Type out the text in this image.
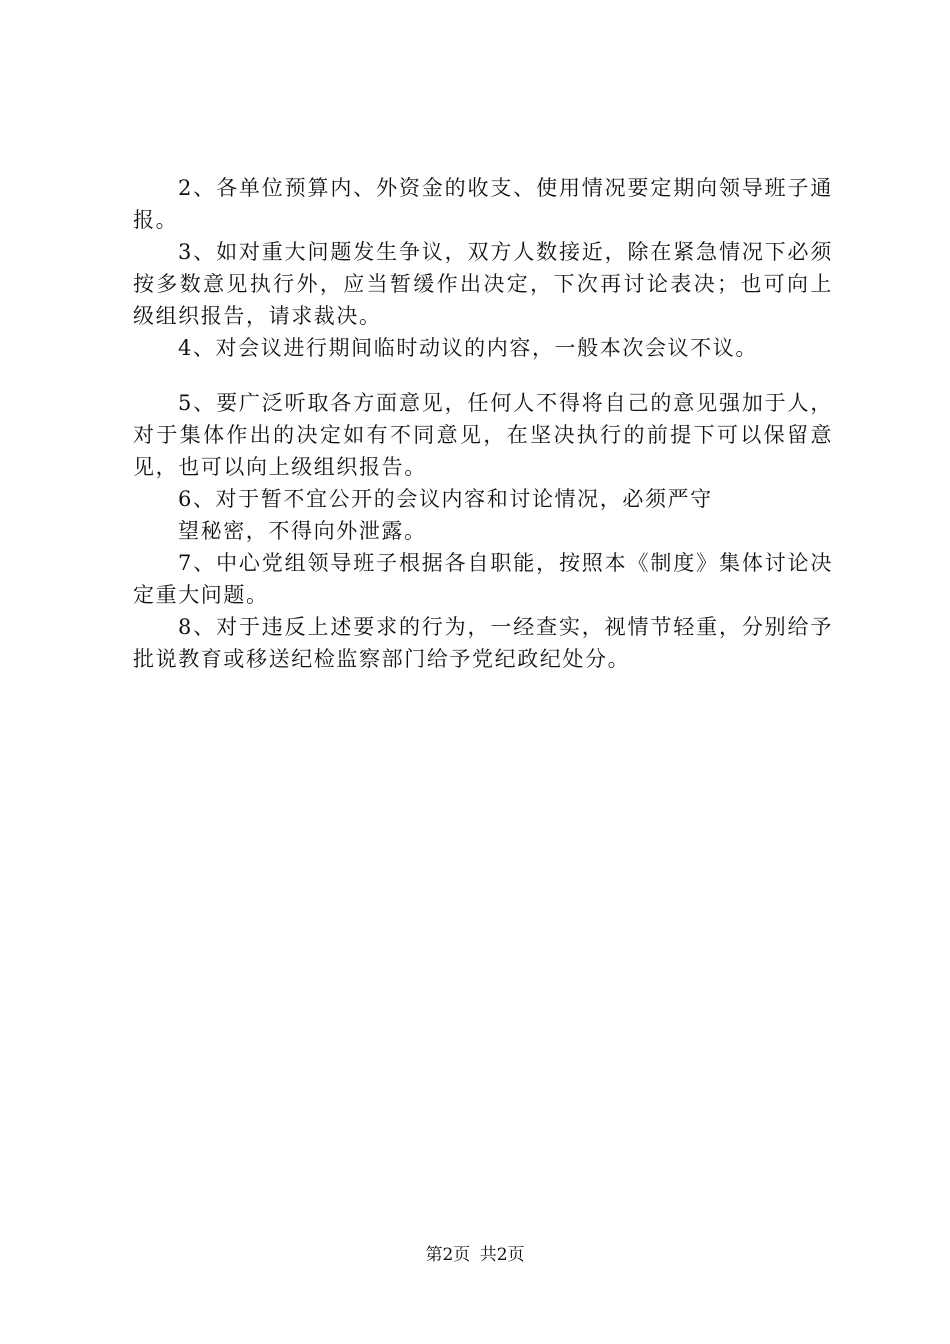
2、各单位预算内、外资金的收支、使用情况要定期向领导班子通报。

3、如对重大问题发生争议，双方人数接近，除在紧急情况下必须按多数意见执行外，应当暂缓作出决定，下次再讨论表决；也可向上级组织报告，请求裁决。

4、对会议进行期间临时动议的内容，一般本次会议不议。

5、要广泛听取各方面意见，任何人不得将自己的意见强加于人，对于集体作出的决定如有不同意见，在坚决执行的前提下可以保留意见，也可以向上级组织报告。

6、对于暂不宜公开的会议内容和讨论情况，必须严守

望秘密，不得向外泄露。

7、中心党组领导班子根据各自职能，按照本《制度》集体讨论决定重大问题。

8、对于违反上述要求的行为，一经查实，视情节轻重，分别给予批说教育或移送纪检监察部门给予党纪政纪处分。

第2页 共2页
